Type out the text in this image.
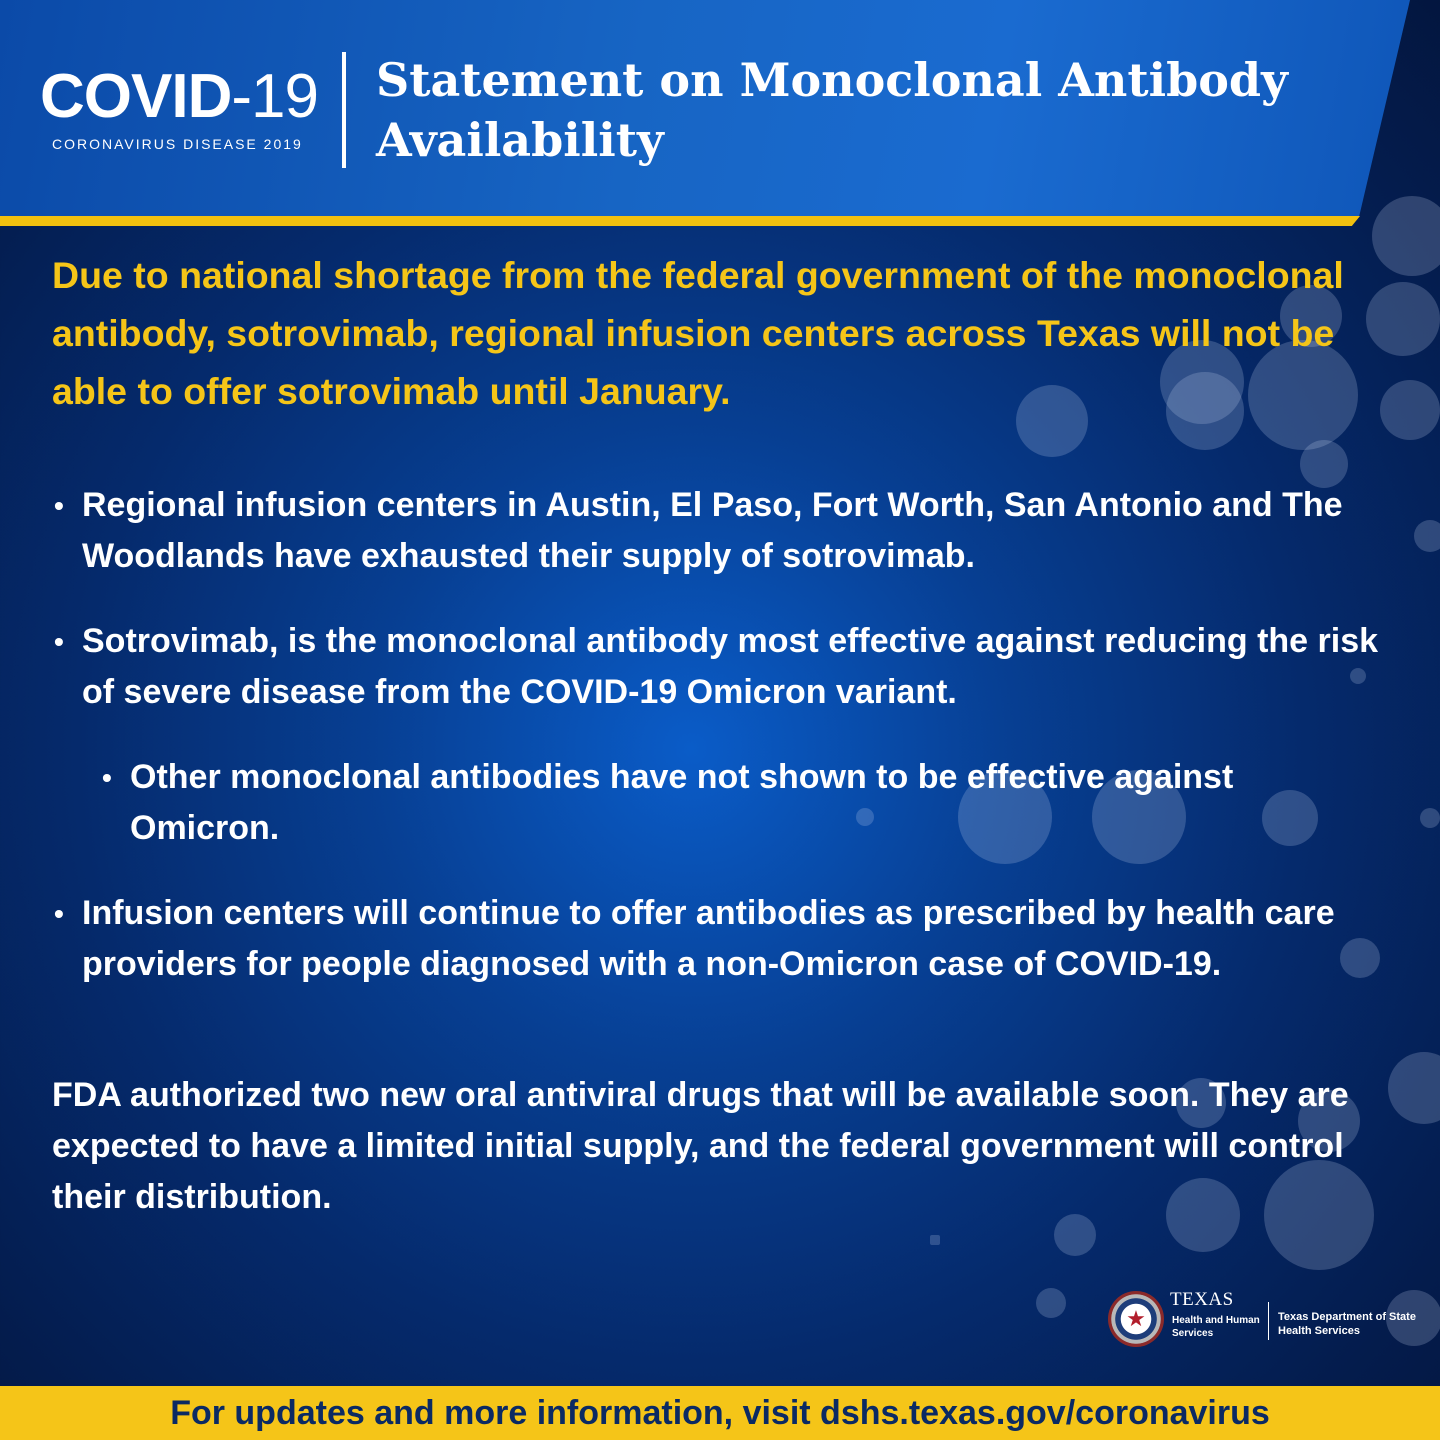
COVID-19
CORONAVIRUS DISEASE 2019
Statement on Monoclonal Antibody
Availability

Due to national shortage from the federal government of the monoclonal antibody, sotrovimab, regional infusion centers across Texas will not be able to offer sotrovimab until January.

• Regional infusion centers in Austin, El Paso, Fort Worth, San Antonio and The Woodlands have exhausted their supply of sotrovimab.
• Sotrovimab, is the monoclonal antibody most effective against reducing the risk of severe disease from the COVID-19 Omicron variant.
• Other monoclonal antibodies have not shown to be effective against Omicron.
• Infusion centers will continue to offer antibodies as prescribed by health care providers for people diagnosed with a non-Omicron case of COVID-19.

FDA authorized two new oral antiviral drugs that will be available soon. They are expected to have a limited initial supply, and the federal government will control their distribution.

★
TEXAS
Health and Human Services
Texas Department of State Health Services
For updates and more information, visit dshs.texas.gov/coronavirus
